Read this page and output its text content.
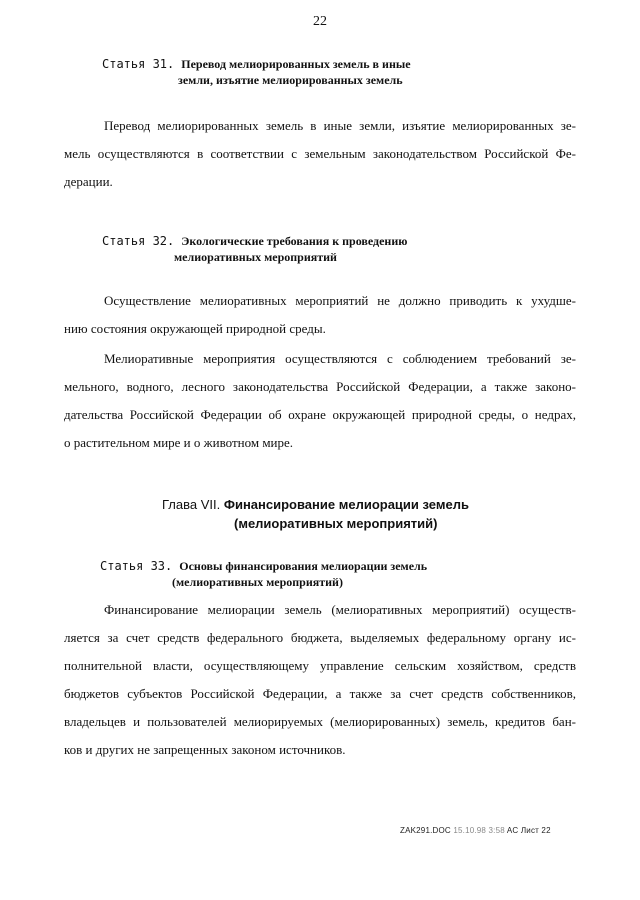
22
Статья 31. Перевод мелиорированных земель в иные
земли, изъятие мелиорированных земель
Перевод мелиорированных земель в иные земли, изъятие мелиорированных зе-
мель осуществляются в соответствии с земельным законодательством Российской Фе-
дерации.
Статья 32. Экологические требования к проведению
мелиоративных мероприятий
Осуществление мелиоративных мероприятий не должно приводить к ухудше-
нию состояния окружающей природной среды.
Мелиоративные мероприятия осуществляются с соблюдением требований зе-
мельного, водного, лесного законодательства Российской Федерации, а также законо-
дательства Российской Федерации об охране окружающей природной среды, о недрах,
о растительном мире и о животном мире.
Глава VII. Финансирование мелиорации земель
(мелиоративных мероприятий)
Статья 33. Основы финансирования мелиорации земель
(мелиоративных мероприятий)
Финансирование мелиорации земель (мелиоративных мероприятий) осуществ-
ляется за счет средств федерального бюджета, выделяемых федеральному органу ис-
полнительной власти, осуществляющему управление сельским хозяйством, средств
бюджетов субъектов Российской Федерации, а также за счет средств собственников,
владельцев и пользователей мелиорируемых (мелиорированных) земель, кредитов бан-
ков и других не запрещенных законом источников.
ZAK291.DOC 15.10.98 3:58 AC Лист 22
